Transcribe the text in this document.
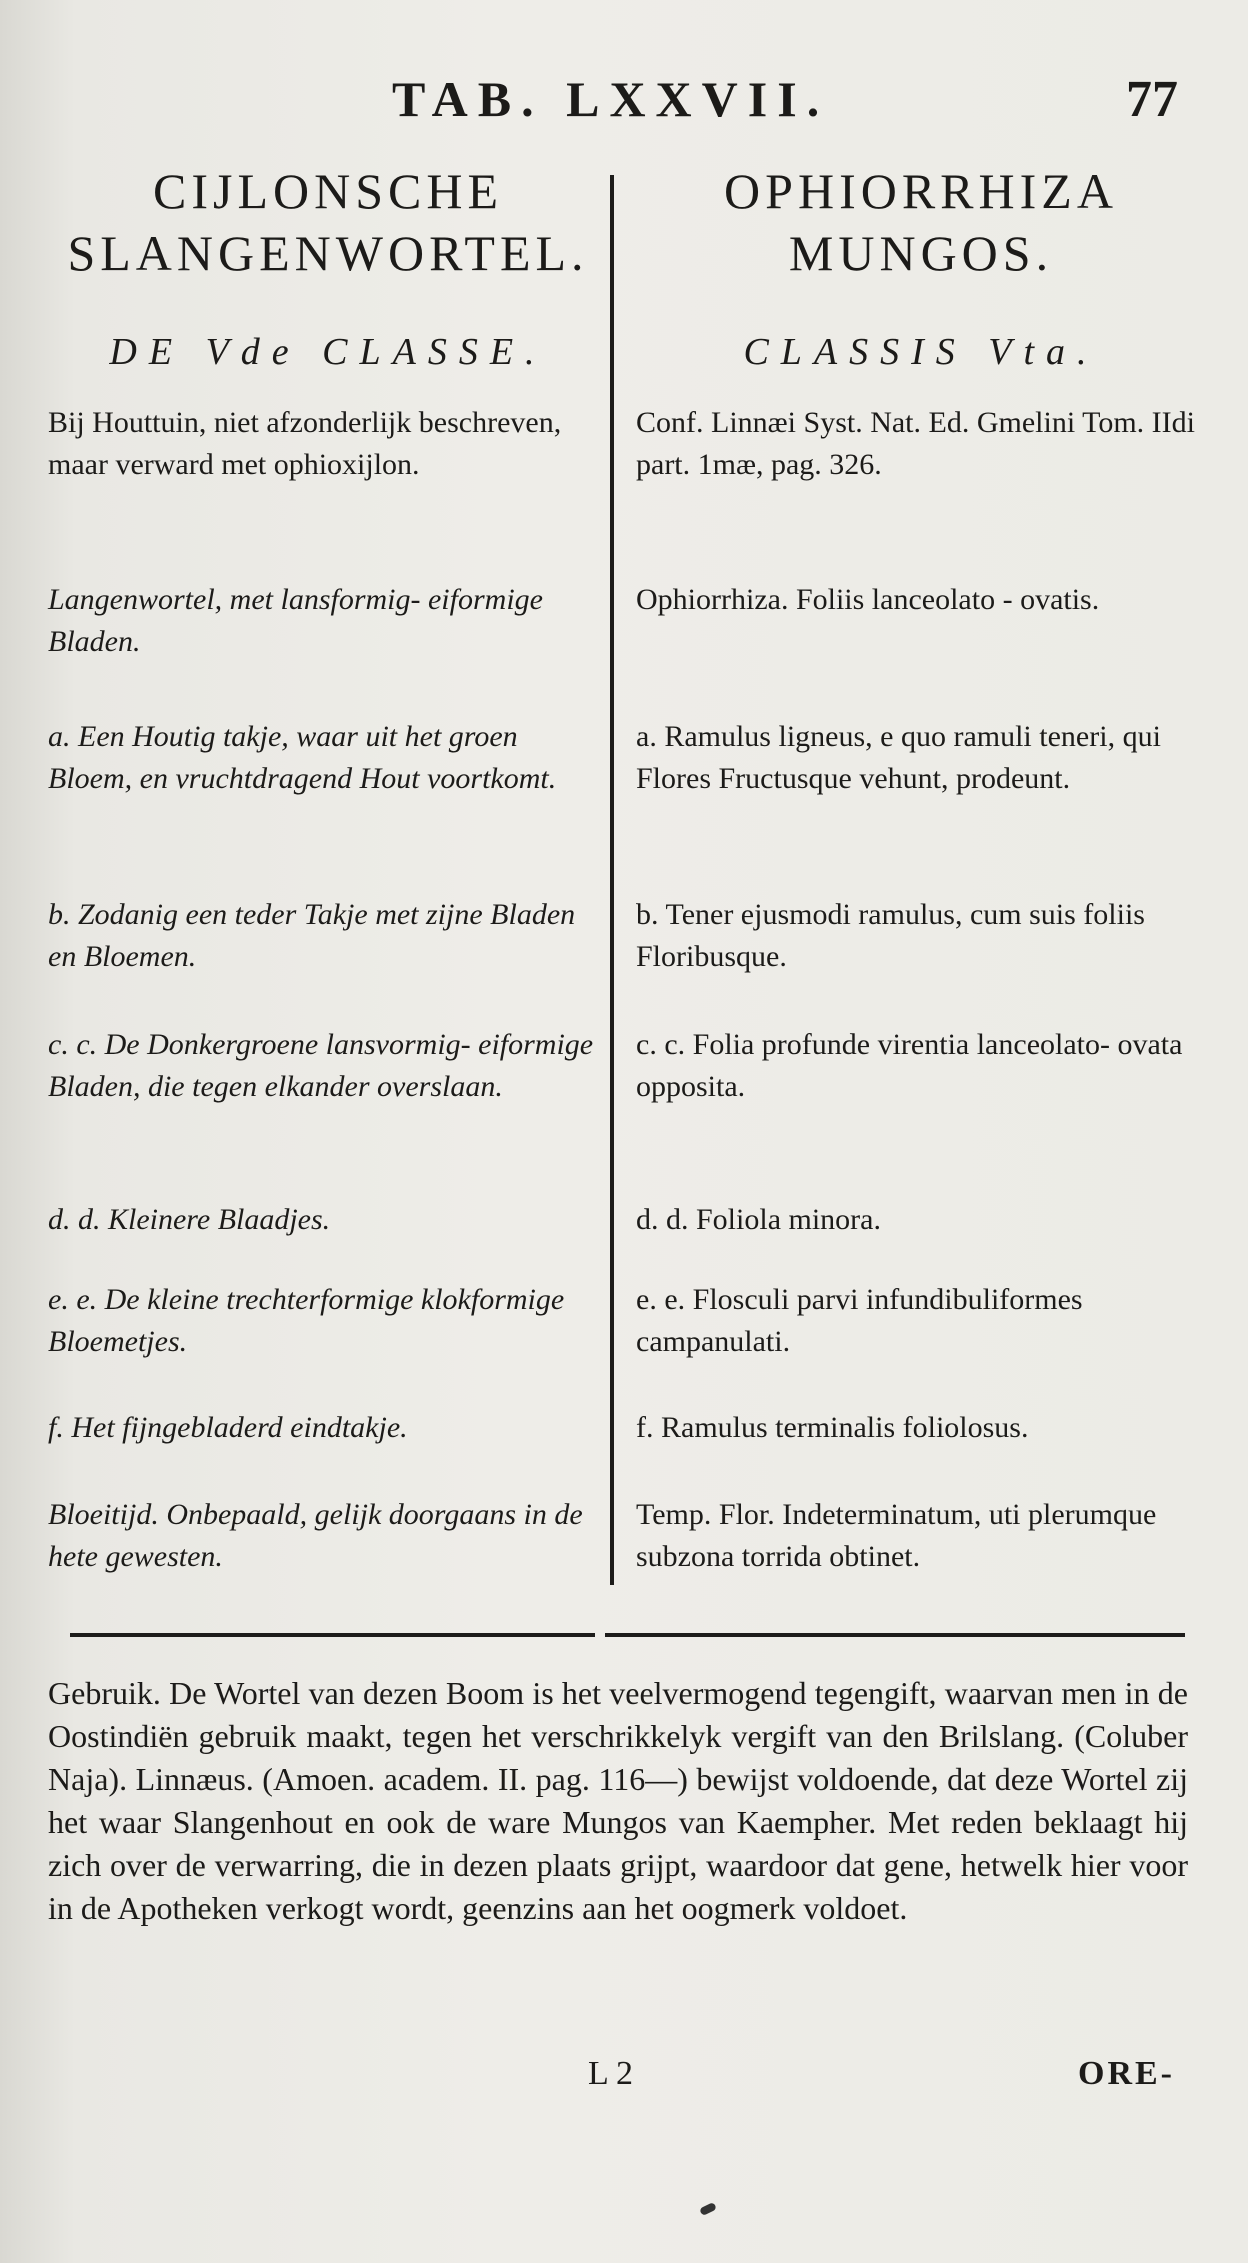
TAB. LXXVII.	77
CIJLONSCHE
SLANGENWORTEL.
DE Vde CLASSE.
Bij Houttuin, niet afzonderlijk beschreven, maar verward met ophioxijlon.
Langenwortel, met lansformig- eiformige Bladen.
a. Een Houtig takje, waar uit het groen Bloem, en vruchtdragend Hout voortkomt.
b. Zodanig een teder Takje met zijne Bladen en Bloemen.
c. c. De Donkergroene lansvormig- eiformige Bladen, die tegen elkander overslaan.
d. d. Kleinere Blaadjes.
e. e. De kleine trechterformige klokformige Bloemetjes.
f. Het fijngebladerd eindtakje.
Bloeitijd. Onbepaald, gelijk doorgaans in de hete gewesten.
OPHIORRHIZA
MUNGOS.
CLASSIS Vta.
Conf. Linnæi Syst. Nat. Ed. Gmelini Tom. IIdi part. 1mæ, pag. 326.
Ophiorrhiza. Foliis lanceolato - ovatis.
a. Ramulus ligneus, e quo ramuli teneri, qui Flores Fructusque vehunt, prodeunt.
b. Tener ejusmodi ramulus, cum suis foliis Floribusque.
c. c. Folia profunde virentia lanceolato- ovata opposita.
d. d. Foliola minora.
e. e. Flosculi parvi infundibuliformes campanulati.
f. Ramulus terminalis foliolosus.
Temp. Flor. Indeterminatum, uti plerumque subzona torrida obtinet.
Gebruik. De Wortel van dezen Boom is het veelvermogend tegengift, waarvan men in de Oostindiën gebruik maakt, tegen het verschrikkelyk vergift van den Brilslang. (Coluber Naja). Linnæus. (Amoen. academ. II. pag. 116—) bewijst voldoende, dat deze Wortel zij het waar Slangenhout en ook de ware Mungos van Kaempher. Met reden beklaagt hij zich over de verwarring, die in dezen plaats grijpt, waardoor dat gene, hetwelk hier voor in de Apotheken verkogt wordt, geenzins aan het oogmerk voldoet.
L 2	ORE-
